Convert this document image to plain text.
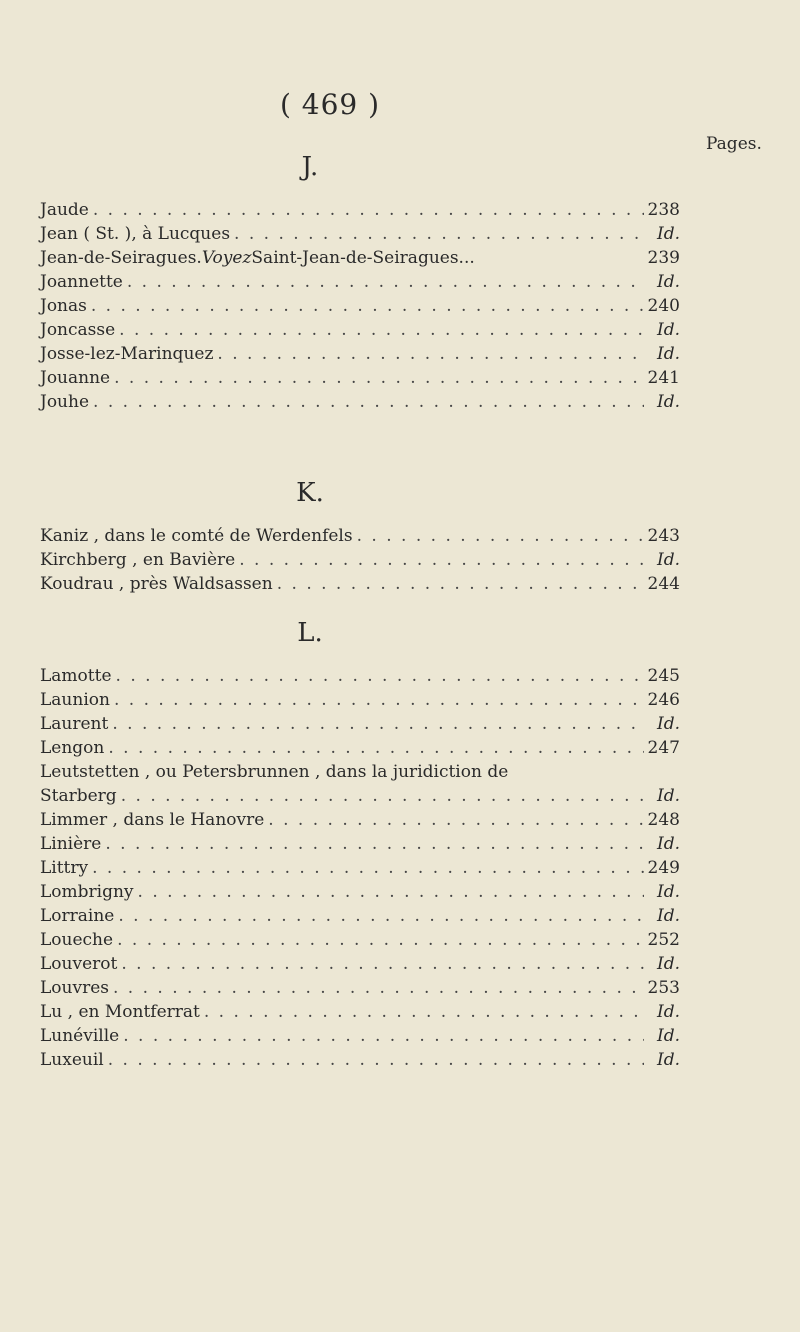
( 469 )
Pages.
J.
Jaude . . .	238
Jean ( St. ), à Lucques . . .	Id.
Jean-de-Seiragues. Voyez Saint-Jean-de-Seiragues...	239
Joannette . . .	Id.
Jonas . . .	240
Joncasse . . .	Id.
Josse-lez-Marinquez . . .	Id.
Jouanne . . .	241
Jouhe . . .	Id.
K.
Kaniz , dans le comté de Werdenfels . . .	243
Kirchberg , en Bavière . . .	Id.
Koudrau , près Waldsassen . . .	244
L.
Lamotte . . .	245
Launion . . .	246
Laurent . . .	Id.
Lengon . . .	247
Leutstetten , ou Petersbrunnen , dans la juridiction de
Starberg . . .	Id.
Limmer , dans le Hanovre . . .	248
Linière . . .	Id.
Littry . . .	249
Lombrigny . . .	Id.
Lorraine . . .	Id.
Loueche . . .	252
Louverot . . .	Id.
Louvres . . .	253
Lu , en Montferrat . . .	Id.
Lunéville . . .	Id.
Luxeuil . . .	Id.
